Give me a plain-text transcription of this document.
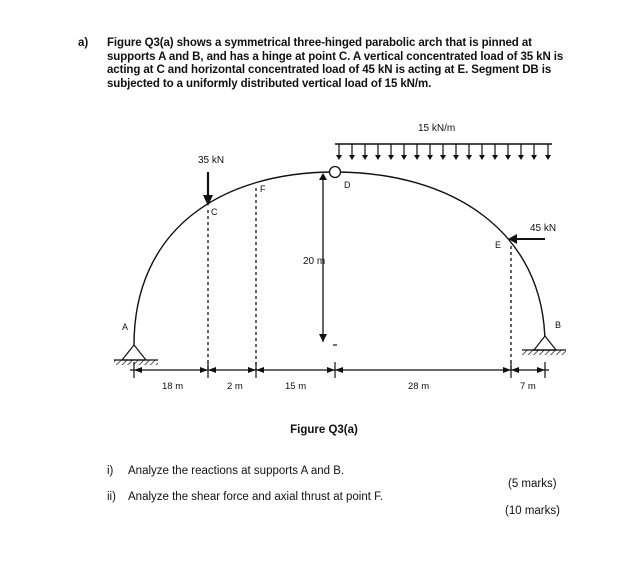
a) Figure Q3(a) shows a symmetrical three-hinged parabolic arch that is pinned at supports A and B, and has a hinge at point C. A vertical concentrated load of 35 kN is acting at C and horizontal concentrated load of 45 kN is acting at E. Segment DB is subjected to a uniformly distributed vertical load of 15 kN/m.
15 kN/m
35 kN
45 kN
20 m
18 m	2 m	15 m	28 m	7 m
A	B
C
D
E
F
Figure Q3(a)
i) Analyze the reactions at supports A and B.
(5 marks)
ii) Analyze the shear force and axial thrust at point F.
(10 marks)
